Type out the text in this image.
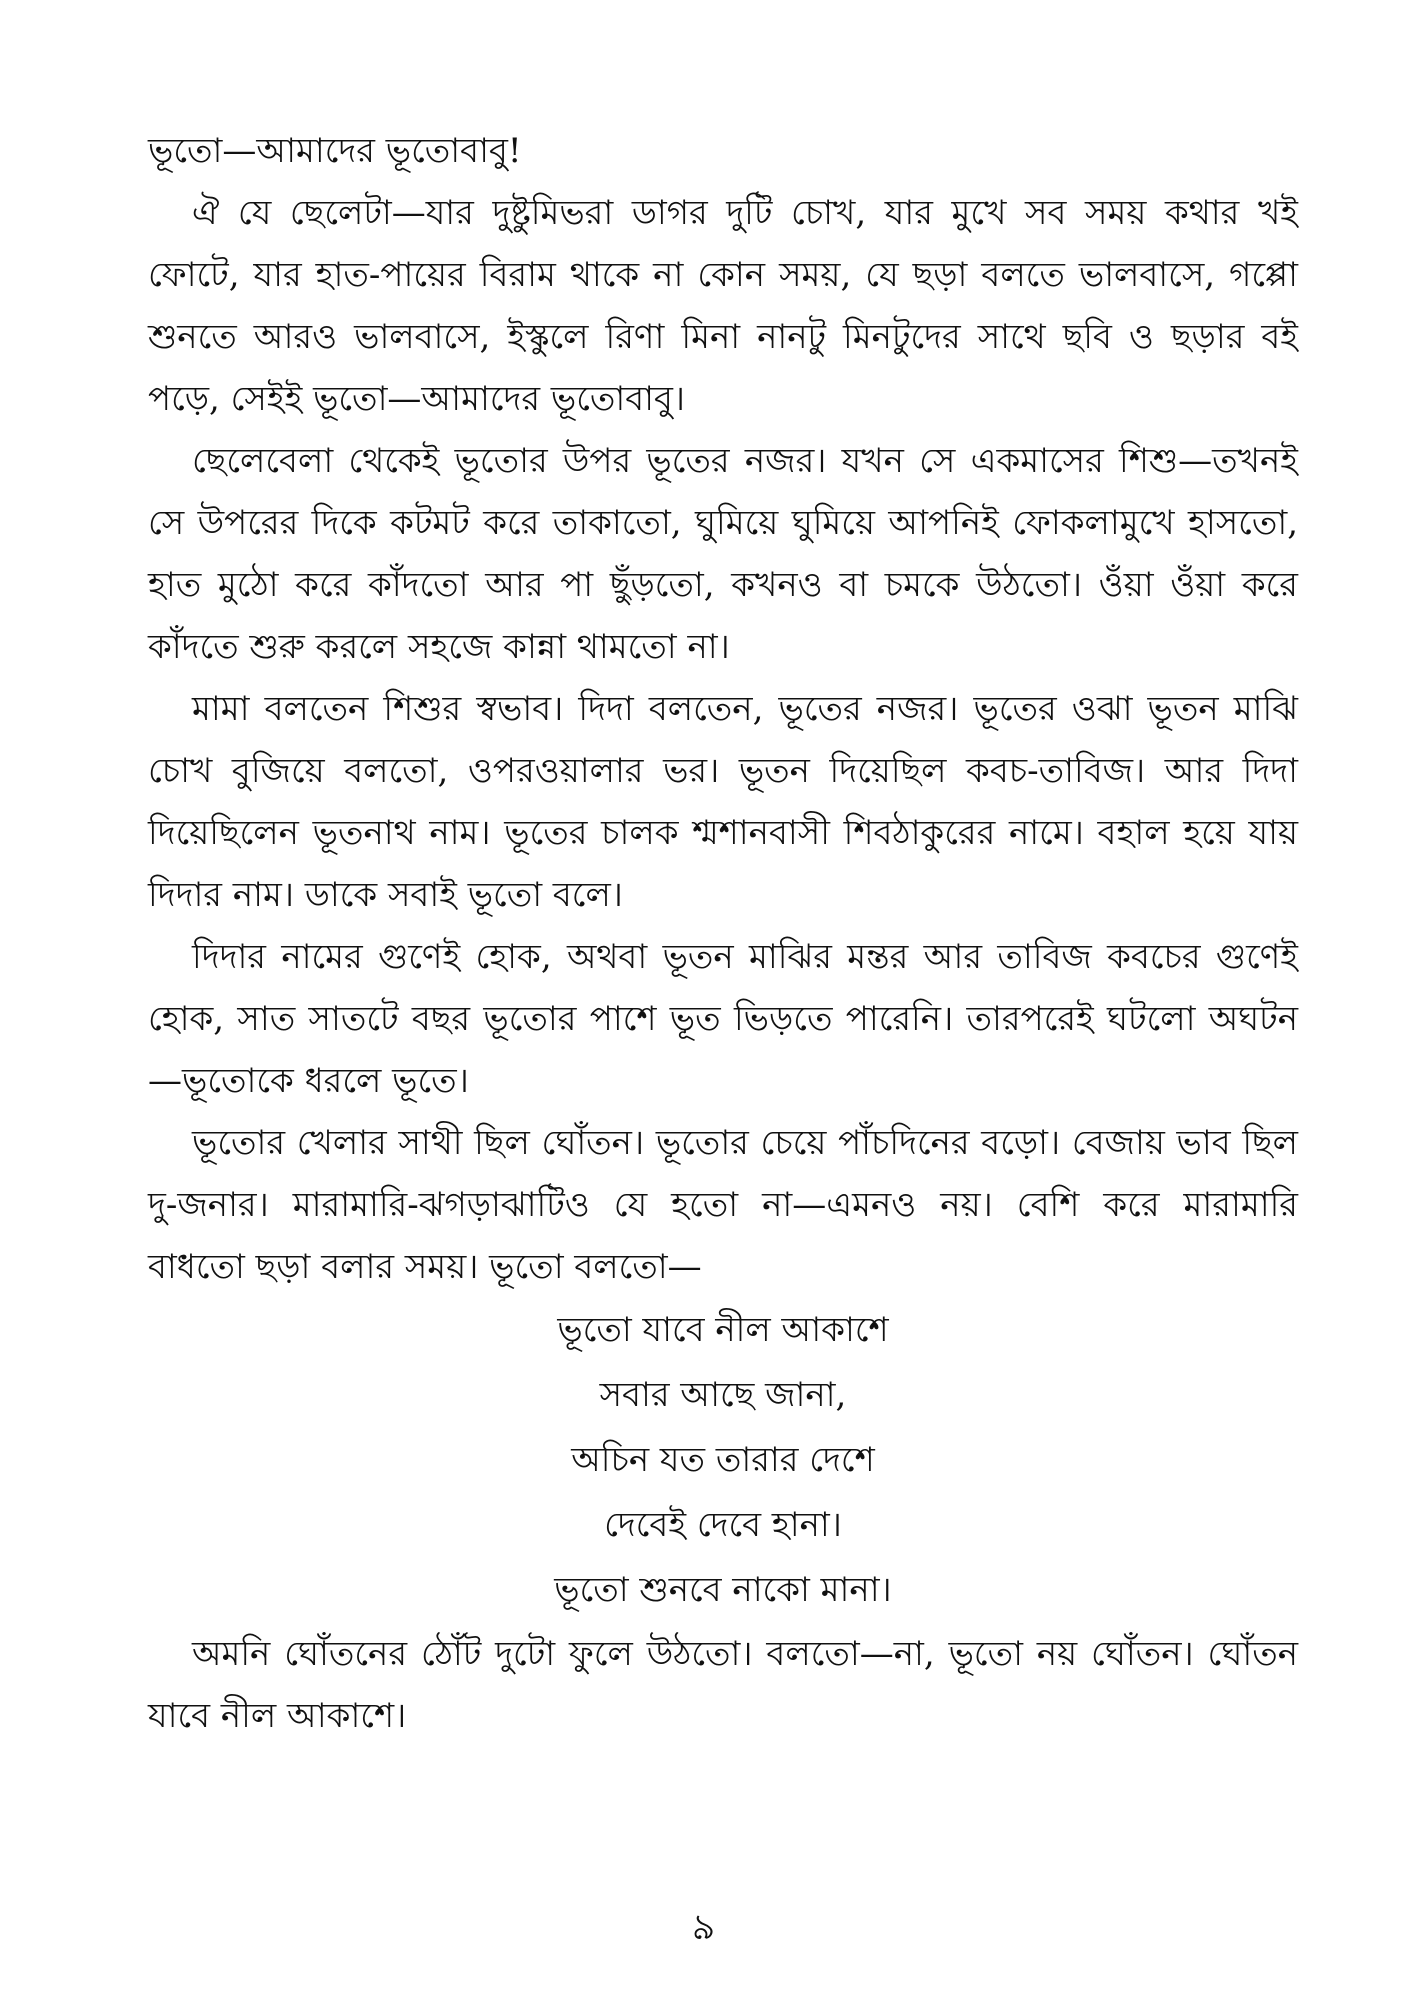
ভূতো—আমাদের ভূতোবাবু!

ঐ যে ছেলেটা—যার দুষ্টুমিভরা ডাগর দুটি চোখ, যার মুখে সব সময় কথার খই ফোটে, যার হাত-পায়ের বিরাম থাকে না কোন সময়, যে ছড়া বলতে ভালবাসে, গপ্পো শুনতে আরও ভালবাসে, ইস্কুলে রিণা মিনা নানটু মিনটুদের সাথে ছবি ও ছড়ার বই পড়ে, সেইই ভূতো—আমাদের ভূতোবাবু।

ছেলেবেলা থেকেই ভূতোর উপর ভূতের নজর। যখন সে একমাসের শিশু—তখনই সে উপরের দিকে কটমট করে তাকাতো, ঘুমিয়ে ঘুমিয়ে আপনিই ফোকলামুখে হাসতো, হাত মুঠো করে কাঁদতো আর পা ছুঁড়তো, কখনও বা চমকে উঠতো। ওঁয়া ওঁয়া করে কাঁদতে শুরু করলে সহজে কান্না থামতো না।

মামা বলতেন শিশুর স্বভাব। দিদা বলতেন, ভূতের নজর। ভূতের ওঝা ভূতন মাঝি চোখ বুজিয়ে বলতো, ওপরওয়ালার ভর। ভূতন দিয়েছিল কবচ-তাবিজ। আর দিদা দিয়েছিলেন ভূতনাথ নাম। ভূতের চালক শ্মশানবাসী শিবঠাকুরের নামে। বহাল হয়ে যায় দিদার নাম। ডাকে সবাই ভূতো বলে।

দিদার নামের গুণেই হোক, অথবা ভূতন মাঝির মন্তর আর তাবিজ কবচের গুণেই হোক, সাত সাতটে বছর ভূতোর পাশে ভূত ভিড়তে পারেনি। তারপরেই ঘটলো অঘটন—ভূতোকে ধরলে ভূতে।

ভূতোর খেলার সাথী ছিল ঘোঁতন। ভূতোর চেয়ে পাঁচদিনের বড়ো। বেজায় ভাব ছিল দু-জনার। মারামারি-ঝগড়াঝাটিও যে হতো না—এমনও নয়। বেশি করে মারামারি বাধতো ছড়া বলার সময়। ভূতো বলতো—

ভূতো যাবে নীল আকাশে
সবার আছে জানা,
অচিন যত তারার দেশে
দেবেই দেবে হানা।
ভূতো শুনবে নাকো মানা।

অমনি ঘোঁতনের ঠোঁট দুটো ফুলে উঠতো। বলতো—না, ভূতো নয় ঘোঁতন। ঘোঁতন যাবে নীল আকাশে।

৯
